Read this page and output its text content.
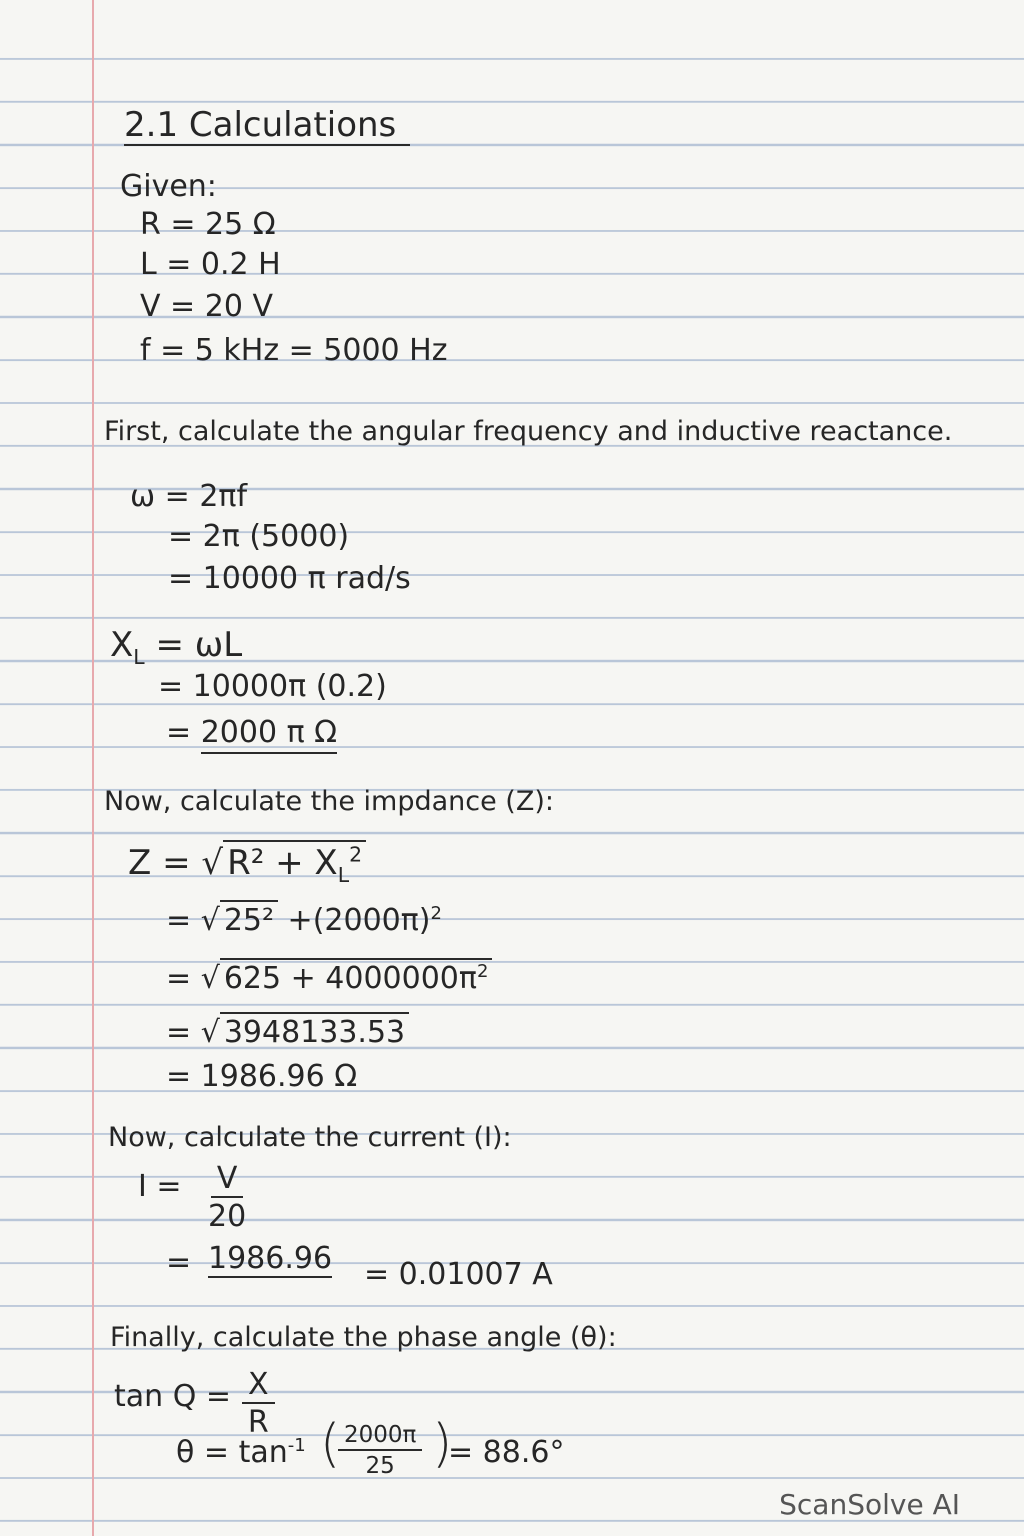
2.1 Calculations
Given:
R = 25 Ω
L = 0.2 H
V = 20 V
f = 5 kHz = 5000 Hz
First, calculate the angular frequency and inductive reactance.
ω = 2πf
= 2π (5000)
= 10000 π rad/s
$X_L = \omega L$
= 10000π (0.2)
= 2000 π Ω
Now, calculate the impdance (Z):
Z = √ $R^2 + X_L^2$
= √ $25^2 +(2000\pi)^2$
= √ $625 + 4000000\pi^2$
= √ 3948133.53
= 1986.96 Ω
Now, calculate the current (I):
$I = \frac{V}{20}$
= 1986.96 = 0.01007 A
Finally, calculate the phase angle (θ):
$\tan Q = \frac{X}{R}$
$\theta = \tan^{-1}$ (
$\frac{2000\pi}{25}$ )
= 88.6°
ScanSolve AI
